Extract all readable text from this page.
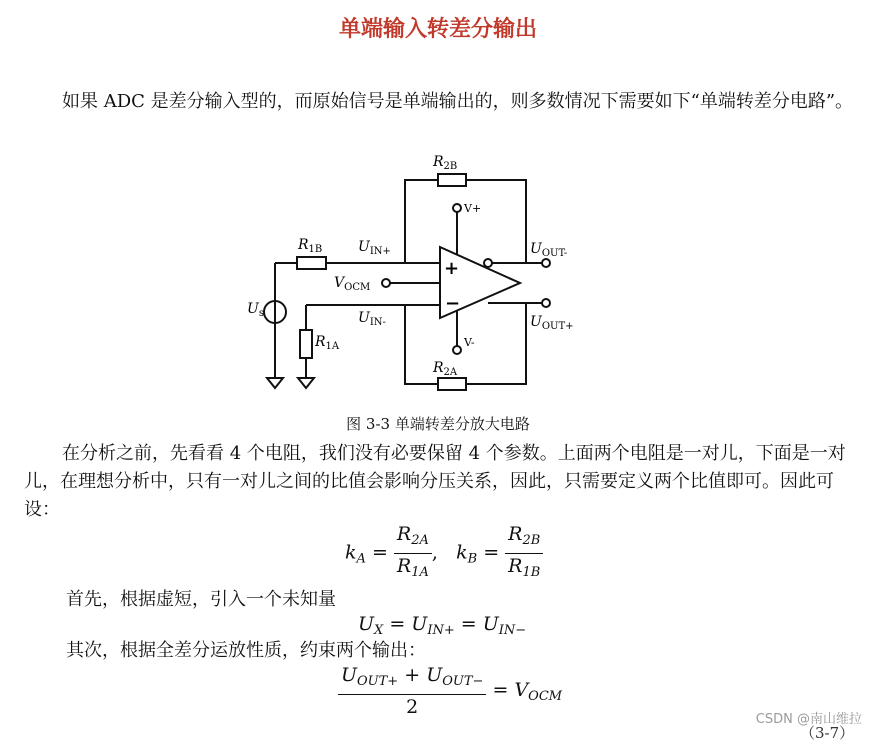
单端输入转差分输出
如果 ADC 是差分输入型的，而原始信号是单端输出的，则多数情况下需要如下“单端转差分电路”。
$R_{2B}$
$R_{1B}$	$U_{IN+}$
$V_{OCM}$
$U_{IN-}$
$U_s$
$R_{1A}$
$R_{2A}$
$U_{OUT-}$
$U_{OUT+}$
V+
V-
+
−
图 3-3 单端转差分放大电路
在分析之前，先看看 4 个电阻，我们没有必要保留 4 个参数。上面两个电阻是一对儿，下面是一对儿，在理想分析中，只有一对儿之间的比值会影响分压关系，因此，只需要定义两个比值即可。因此可设：
$k_A = \frac{R_{2A}}{R_{1A}}$ , $k_B = \frac{R_{2B}}{R_{1B}}$
首先，根据虚短，引入一个未知量
$U_X = U_{IN+} = U_{IN-}$
其次，根据全差分运放性质，约束两个输出：
$\frac{U_{OUT+} + U_{OUT-}}{2} = V_{OCM}$
（3-7）
CSDN @南山维拉
